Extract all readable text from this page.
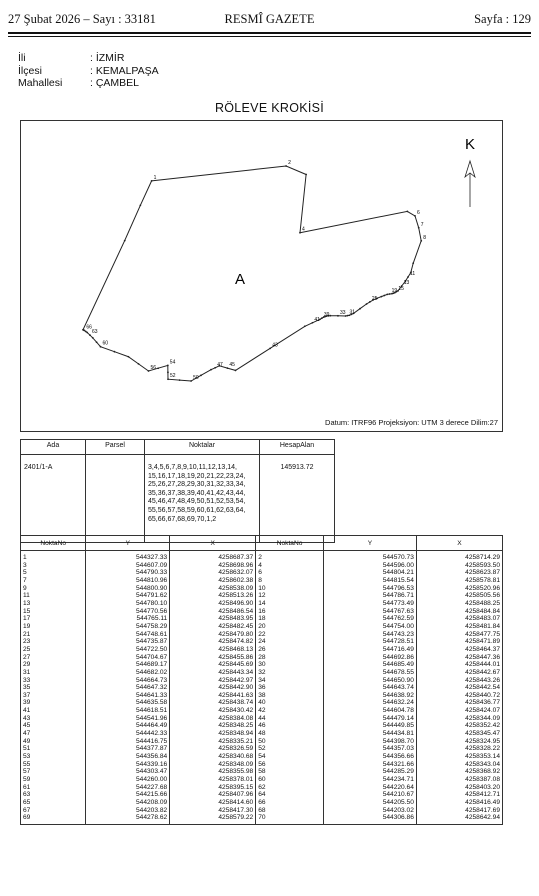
27 Şubat 2026 – Sayı : 33181	RESMÎ GAZETE	Sayfa : 129
İli	: İZMİR
İlçesi	: KEMALPAŞA
Mahallesi	: ÇAMBEL
RÖLEVE KROKİSİ
1
2
7
4
6
8
15
60
66
63
56
54
52	50
47 45
43
41
39 33 31
25
19
13
11
A
K
Datum: ITRF96 Projeksiyon: UTM 3 derece Dilim:27
Ada	Parsel	Noktalar	HesapAlan
2401/1-A		3,4,5,6,7,8,9,10,11,12,13,14, 15,16,17,18,19,20,21,22,23,24, 25,26,27,28,29,30,31,32,33,34, 35,36,37,38,39,40,41,42,43,44, 45,46,47,48,49,50,51,52,53,54, 55,56,57,58,59,60,61,62,63,64, 65,66,67,68,69,70,1,2	145913.72
NoktaNo	Y	X	NoktaNo	Y	X
1	544327.33	4258687.37	2	544570.73	4258714.29
3	544607.09	4258698.96	4	544596.00	4258593.50
5	544790.33	4258632.07	6	544804.21	4258623.87
7	544810.96	4258602.38	8	544815.54	4258578.81
9	544800.90	4258538.09	10	544796.53	4258520.96
11	544791.62	4258513.26	12	544786.71	4258505.56
13	544780.10	4258496.90	14	544773.49	4258488.25
15	544770.56	4258486.54	16	544767.63	4258484.84
17	544765.11	4258483.95	18	544762.59	4258483.07
19	544758.29	4258482.45	20	544754.00	4258481.84
21	544748.61	4258479.80	22	544743.23	4258477.75
23	544735.87	4258474.82	24	544728.51	4258471.89
25	544722.50	4258468.13	26	544716.49	4258464.37
27	544704.67	4258455.86	28	544692.86	4258447.36
29	544689.17	4258445.69	30	544685.49	4258444.01
31	544682.02	4258443.34	32	544678.55	4258442.67
33	544664.73	4258442.97	34	544650.90	4258443.26
35	544647.32	4258442.90	36	544643.74	4258442.54
37	544641.33	4258441.63	38	544638.92	4258440.72
39	544635.58	4258438.74	40	544632.24	4258436.77
41	544618.51	4258430.42	42	544604.78	4258424.07
43	544541.96	4258384.08	44	544479.14	4258344.09
45	544464.49	4258348.25	46	544449.85	4258352.42
47	544442.33	4258348.94	48	544434.81	4258345.47
49	544416.75	4258335.21	50	544398.70	4258324.95
51	544377.87	4258326.59	52	544357.03	4258328.22
53	544356.84	4258340.68	54	544356.66	4258353.14
55	544339.16	4258348.09	56	544321.66	4258343.04
57	544303.47	4258355.98	58	544285.29	4258368.92
59	544260.00	4258378.01	60	544234.71	4258387.08
61	544227.68	4258395.15	62	544220.64	4258403.20
63	544215.66	4258407.96	64	544210.67	4258412.71
65	544208.09	4258414.60	66	544205.50	4258416.49
67	544203.82	4258417.30	68	544203.02	4258417.69
69	544278.62	4258579.22	70	544306.86	4258642.94
